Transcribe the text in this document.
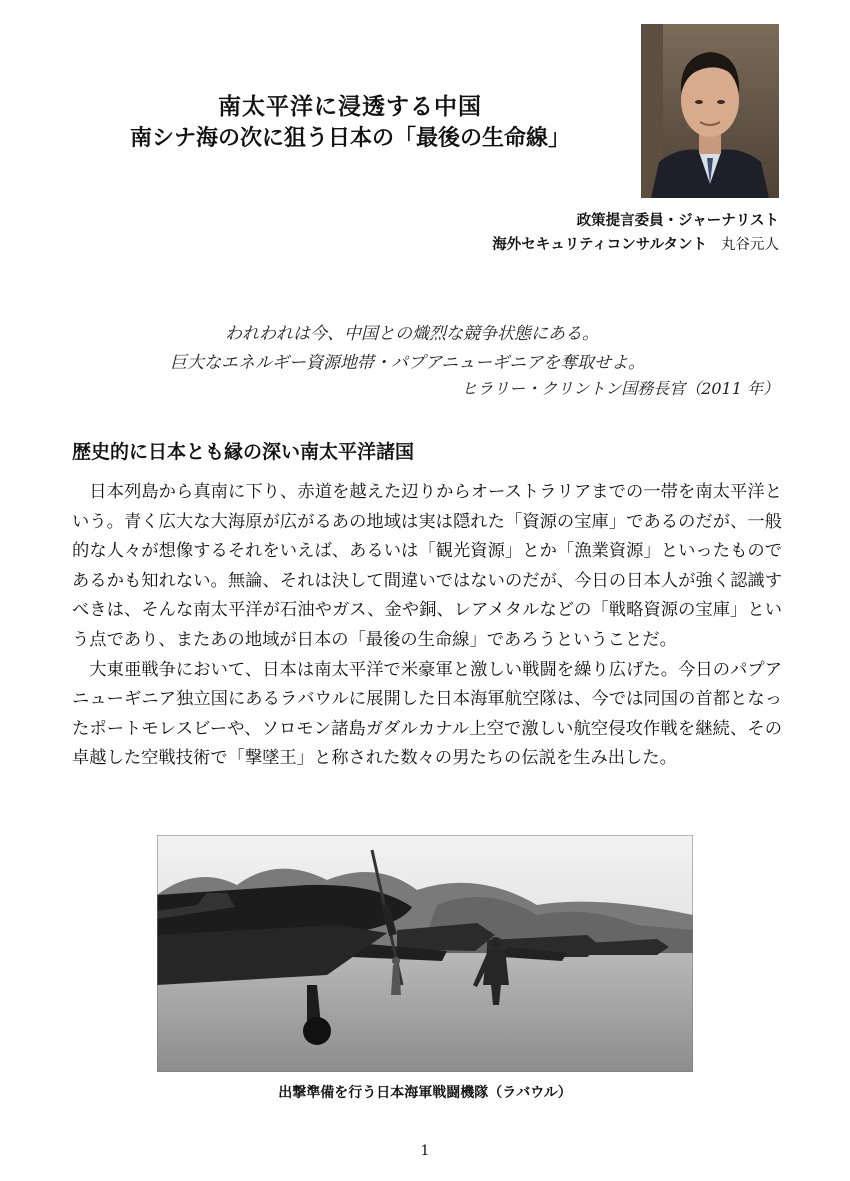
南太平洋に浸透する中国
南シナ海の次に狙う日本の「最後の生命線」
政策提言委員・ジャーナリスト
海外セキュリティコンサルタント 丸谷元人
われわれは今、中国との熾烈な競争状態にある。
巨大なエネルギー資源地帯・パプアニューギニアを奪取せよ。
ヒラリー・クリントン国務長官（2011 年）
歴史的に日本とも縁の深い南太平洋諸国

日本列島から真南に下り、赤道を越えた辺りからオーストラリアまでの一帯を南太平洋という。青く広大な大海原が広がるあの地域は実は隠れた「資源の宝庫」であるのだが、一般的な人々が想像するそれをいえば、あるいは「観光資源」とか「漁業資源」といったものであるかも知れない。無論、それは決して間違いではないのだが、今日の日本人が強く認識すべきは、そんな南太平洋が石油やガス、金や銅、レアメタルなどの「戦略資源の宝庫」という点であり、またあの地域が日本の「最後の生命線」であろうということだ。

大東亜戦争において、日本は南太平洋で米豪軍と激しい戦闘を繰り広げた。今日のパプアニューギニア独立国にあるラバウルに展開した日本海軍航空隊は、今では同国の首都となったポートモレスビーや、ソロモン諸島ガダルカナル上空で激しい航空侵攻作戦を継続、その卓越した空戦技術で「撃墜王」と称された数々の男たちの伝説を生み出した。

出撃準備を行う日本海軍戦闘機隊（ラバウル）
1
